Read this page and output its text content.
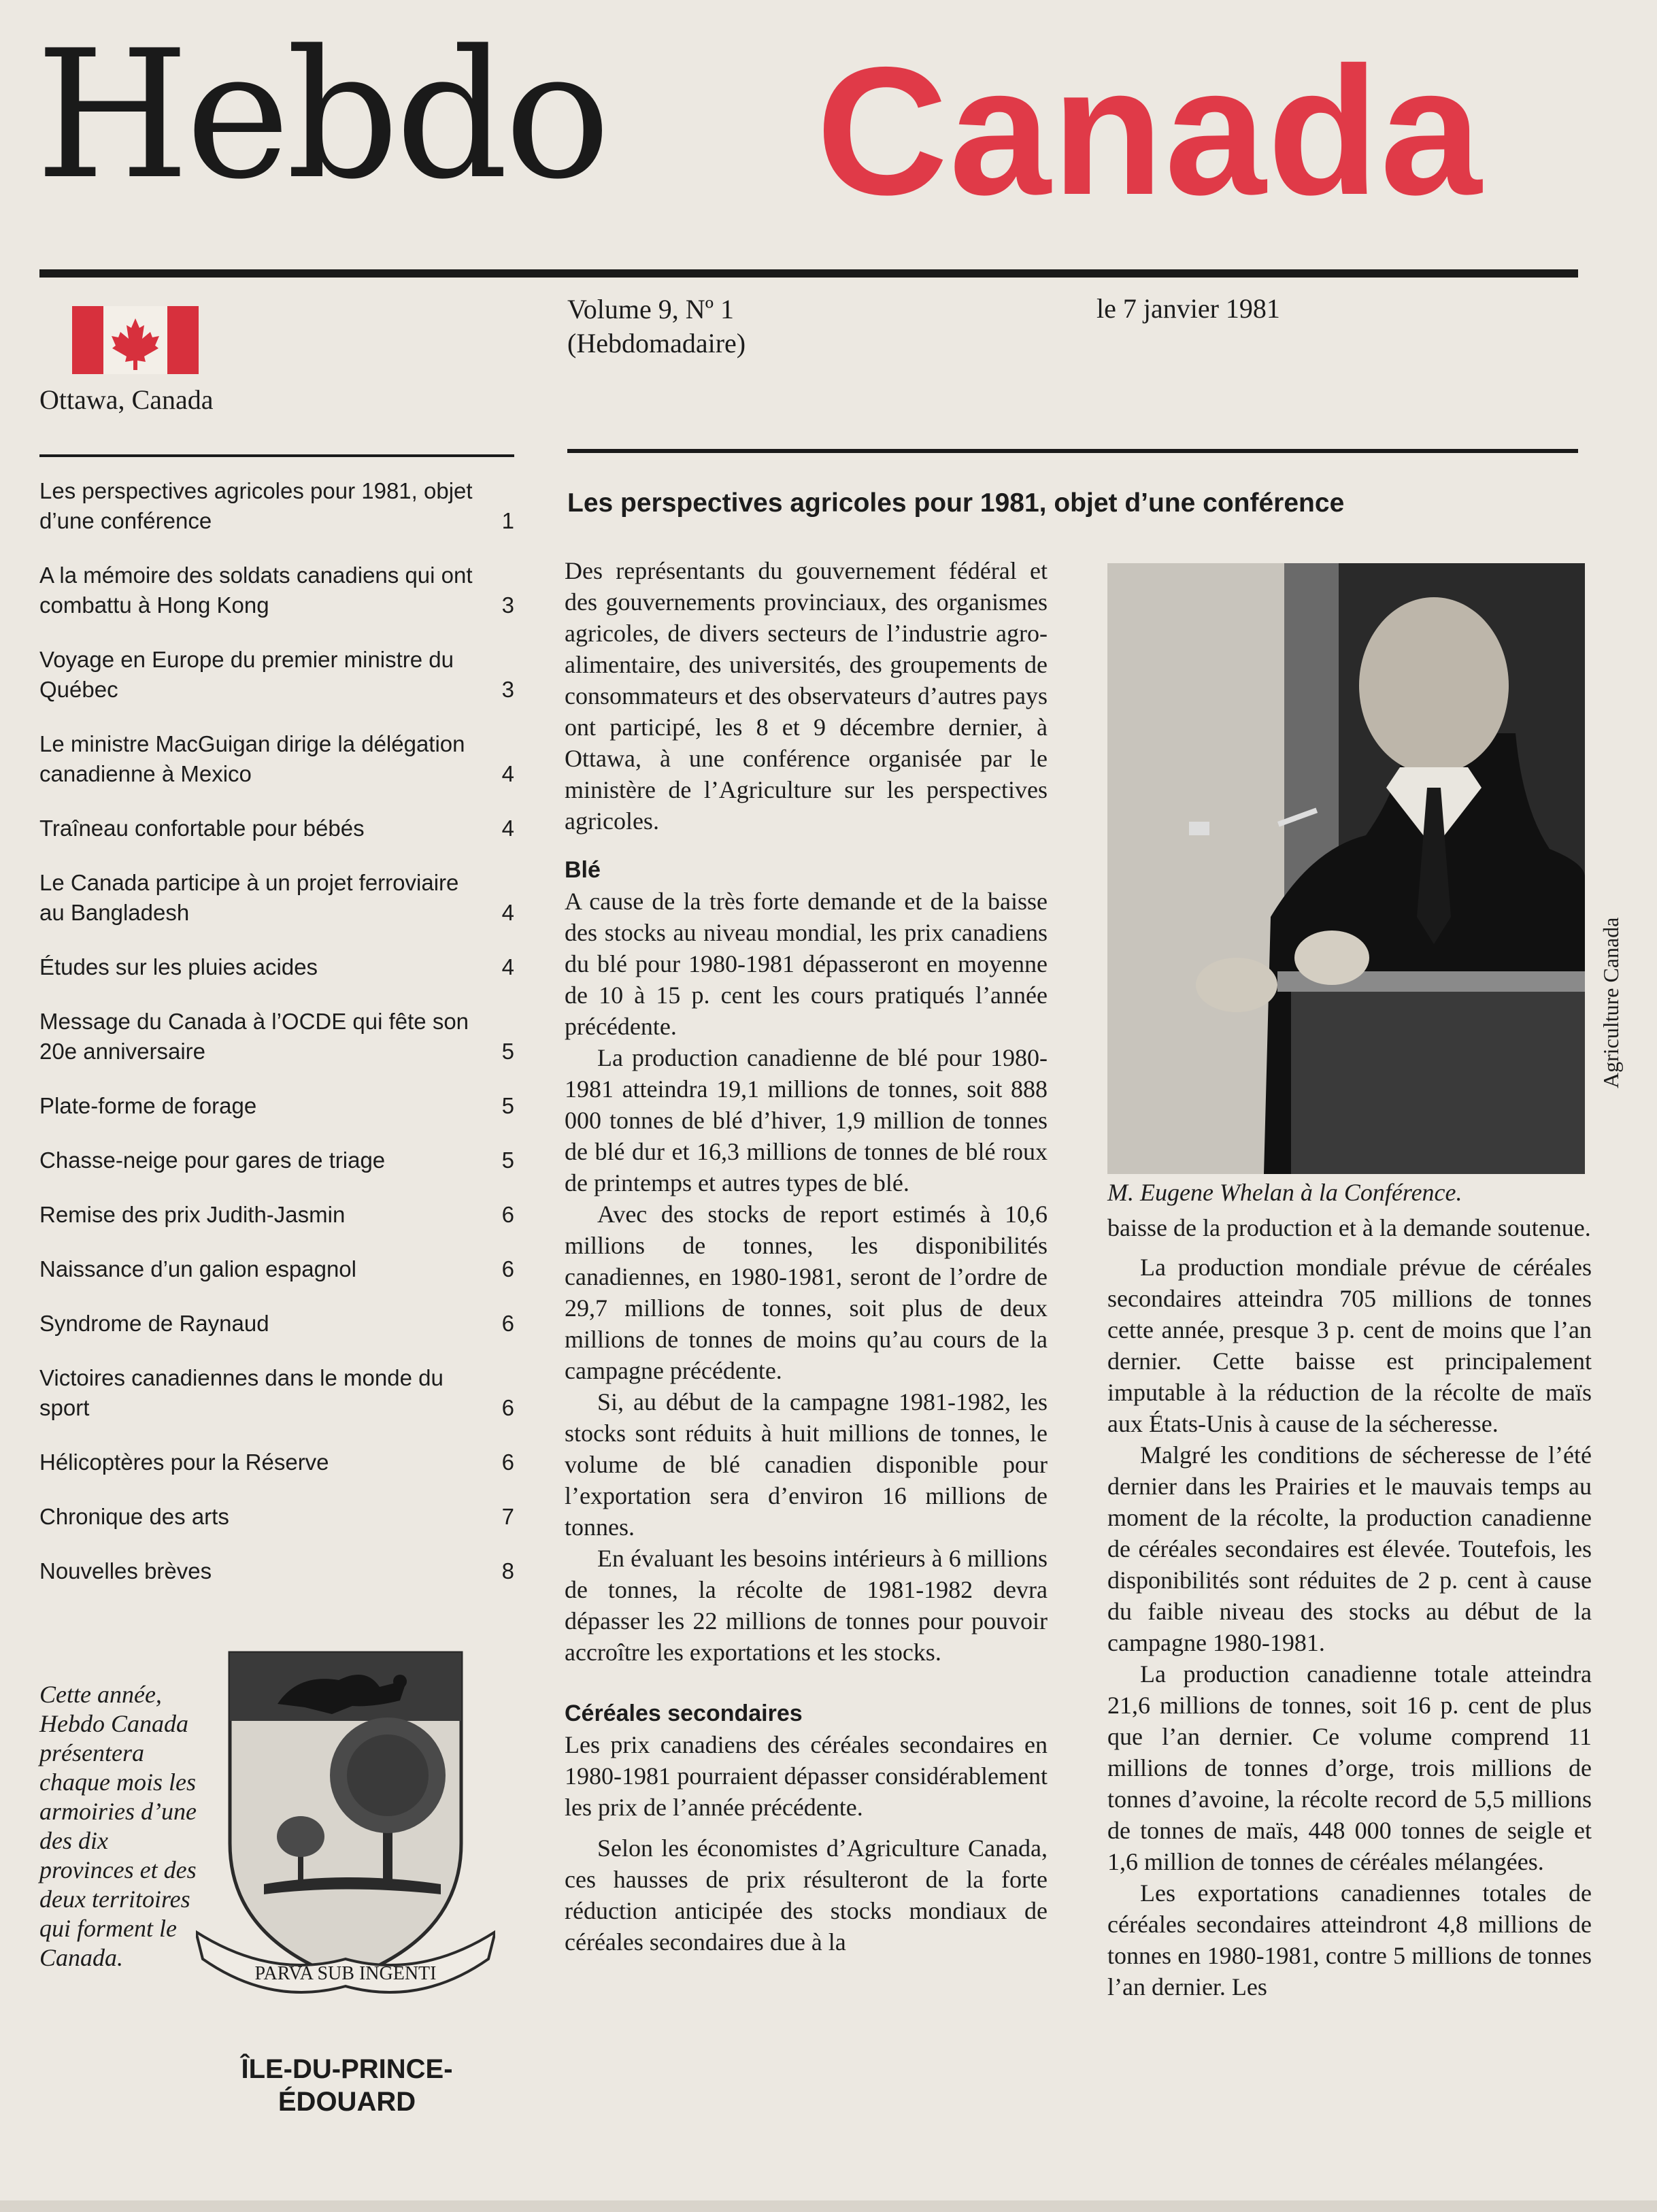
Hebdo Canada
Ottawa, Canada
Volume 9, Nº 1
(Hebdomadaire)
le 7 janvier 1981
Les perspectives agricoles pour 1981, objet d’une conférence	1
A la mémoire des soldats canadiens qui ont combattu à Hong Kong	3
Voyage en Europe du premier ministre du Québec	3
Le ministre MacGuigan dirige la délégation canadienne à Mexico	4
Traîneau confortable pour bébés	4
Le Canada participe à un projet ferroviaire au Bangladesh	4
Études sur les pluies acides	4
Message du Canada à l’OCDE qui fête son 20e anniversaire	5
Plate-forme de forage	5
Chasse-neige pour gares de triage	5
Remise des prix Judith-Jasmin	6
Naissance d’un galion espagnol	6
Syndrome de Raynaud	6
Victoires canadiennes dans le monde du sport	6
Hélicoptères pour la Réserve	6
Chronique des arts	7
Nouvelles brèves	8
Cette année, Hebdo Canada présentera chaque mois les armoiries d’une des dix provinces et des deux territoires qui forment le Canada.
PARVA SUB INGENTI
ÎLE-DU-PRINCE-ÉDOUARD
Les perspectives agricoles pour 1981, objet d’une conférence

Des représentants du gouvernement fédéral et des gouvernements provinciaux, des organismes agricoles, de divers secteurs de l’industrie agro-alimentaire, des universités, des groupements de consommateurs et des observateurs d’autres pays ont participé, les 8 et 9 décembre dernier, à Ottawa, à une conférence organisée par le ministère de l’Agriculture sur les perspectives agricoles.

Blé

A cause de la très forte demande et de la baisse des stocks au niveau mondial, les prix canadiens du blé pour 1980-1981 dépasseront en moyenne de 10 à 15 p. cent les cours pratiqués l’année précédente.

La production canadienne de blé pour 1980-1981 atteindra 19,1 millions de tonnes, soit 888 000 tonnes de blé d’hiver, 1,9 million de tonnes de blé dur et 16,3 millions de tonnes de blé roux de printemps et autres types de blé.

Avec des stocks de report estimés à 10,6 millions de tonnes, les disponibilités canadiennes, en 1980-1981, seront de l’ordre de 29,7 millions de tonnes, soit plus de deux millions de tonnes de moins qu’au cours de la campagne précédente.

Si, au début de la campagne 1981-1982, les stocks sont réduits à huit millions de tonnes, le volume de blé canadien disponible pour l’exportation sera d’environ 16 millions de tonnes.

En évaluant les besoins intérieurs à 6 millions de tonnes, la récolte de 1981-1982 devra dépasser les 22 millions de tonnes pour pouvoir accroître les exportations et les stocks.

Céréales secondaires

Les prix canadiens des céréales secondaires en 1980-1981 pourraient dépasser considérablement les prix de l’année précédente.

Selon les économistes d’Agriculture Canada, ces hausses de prix résulteront de la forte réduction anticipée des stocks mondiaux de céréales secondaires due à la

Agriculture Canada
M. Eugene Whelan à la Conférence.

baisse de la production et à la demande soutenue.

La production mondiale prévue de céréales secondaires atteindra 705 millions de tonnes cette année, presque 3 p. cent de moins que l’an dernier. Cette baisse est principalement imputable à la réduction de la récolte de maïs aux États-Unis à cause de la sécheresse.

Malgré les conditions de sécheresse de l’été dernier dans les Prairies et le mauvais temps au moment de la récolte, la production canadienne de céréales secondaires est élevée. Toutefois, les disponibilités sont réduites de 2 p. cent à cause du faible niveau des stocks au début de la campagne 1980-1981.

La production canadienne totale atteindra 21,6 millions de tonnes, soit 16 p. cent de plus que l’an dernier. Ce volume comprend 11 millions de tonnes d’orge, trois millions de tonnes d’avoine, la récolte record de 5,5 millions de tonnes de maïs, 448 000 tonnes de seigle et 1,6 million de tonnes de céréales mélangées.

Les exportations canadiennes totales de céréales secondaires atteindront 4,8 millions de tonnes en 1980-1981, contre 5 millions de tonnes l’an dernier. Les
